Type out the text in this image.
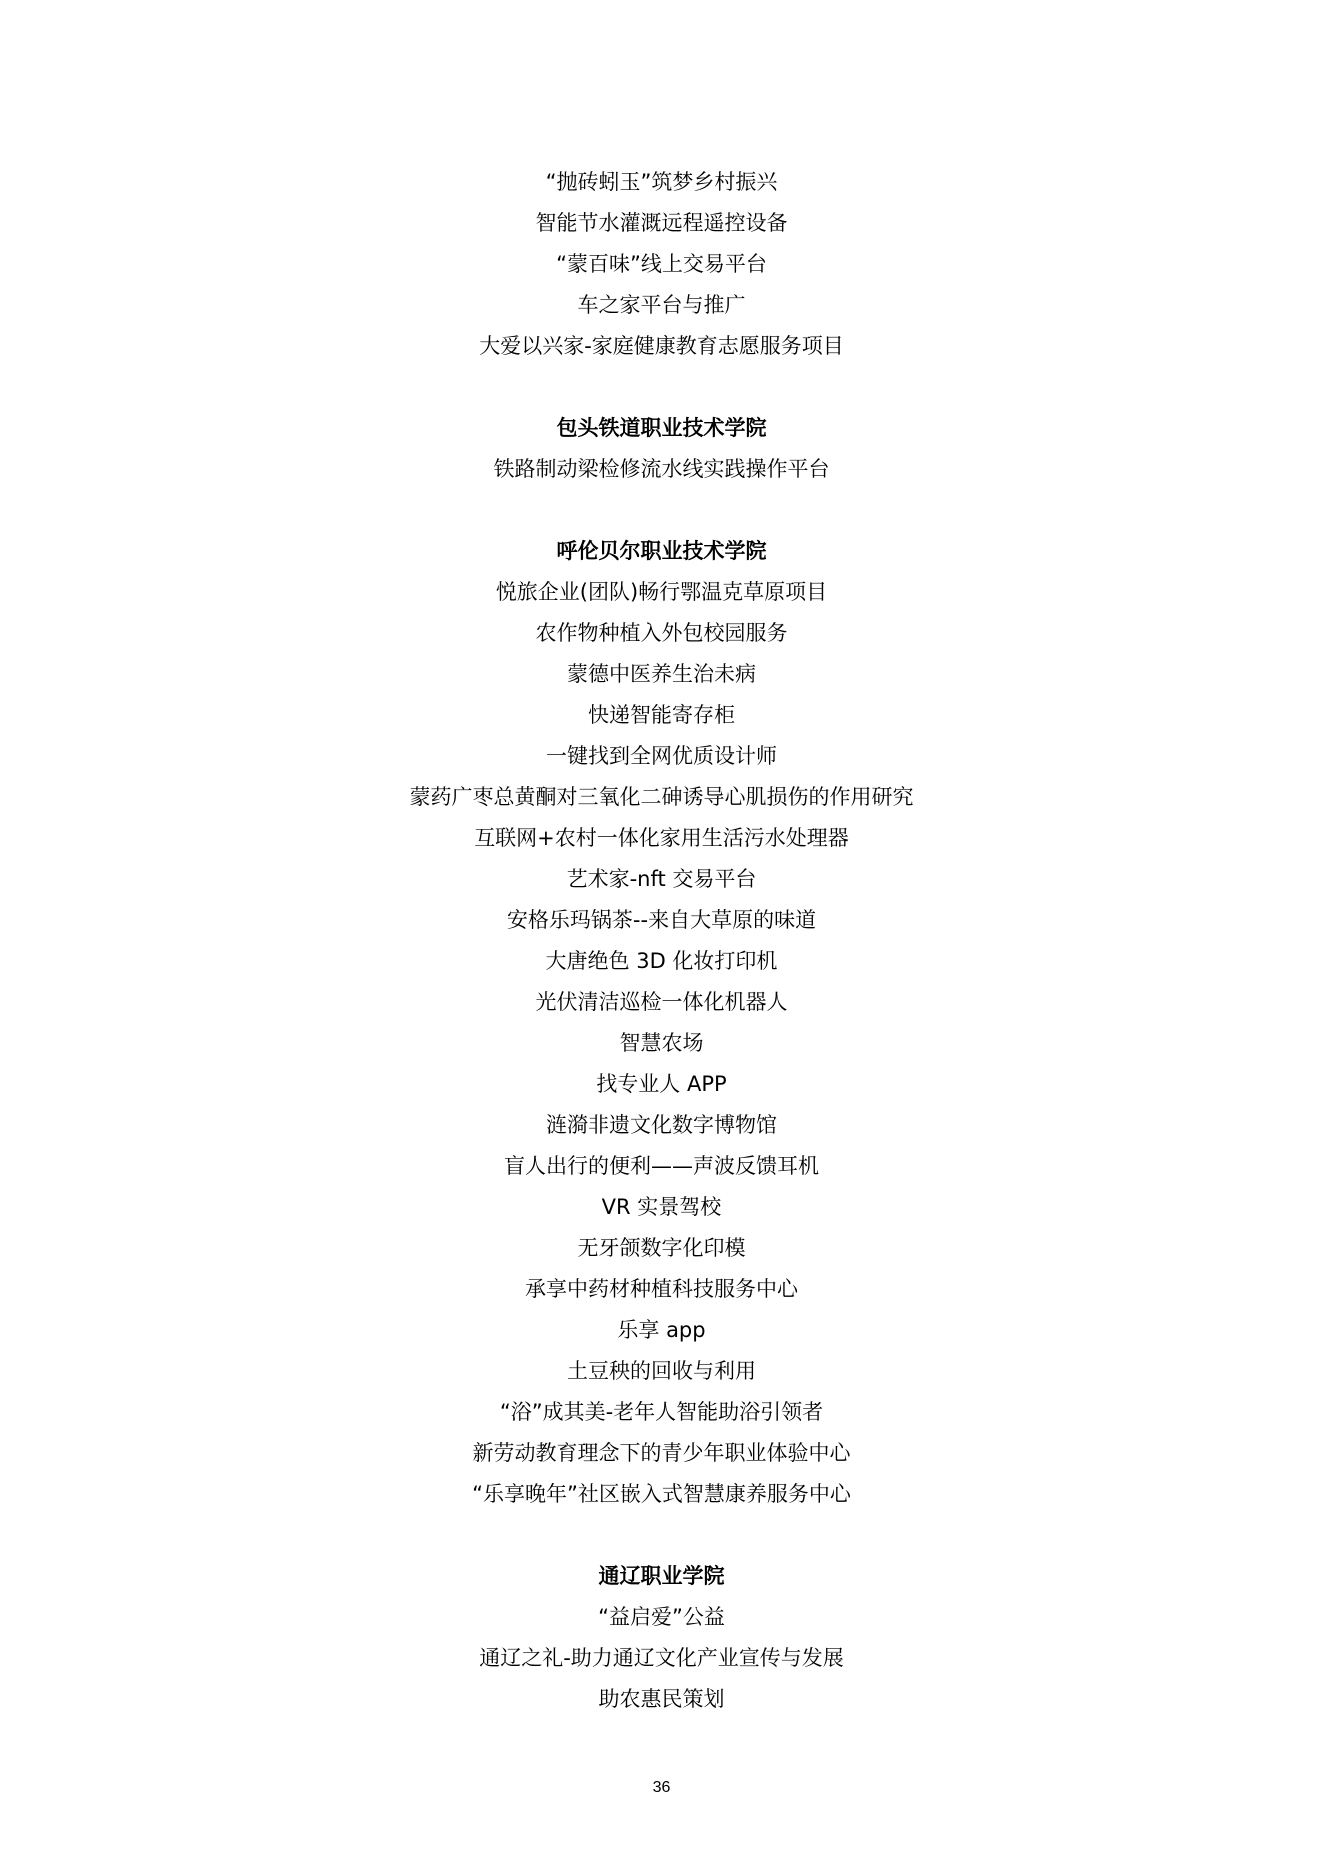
“抛砖蚓玉”筑梦乡村振兴
智能节水灌溉远程遥控设备
“蒙百味”线上交易平台
车之家平台与推广
大爱以兴家-家庭健康教育志愿服务项目
包头铁道职业技术学院
铁路制动梁检修流水线实践操作平台
呼伦贝尔职业技术学院
悦旅企业(团队)畅行鄂温克草原项目
农作物种植入外包校园服务
蒙德中医养生治未病
快递智能寄存柜
一键找到全网优质设计师
蒙药广枣总黄酮对三氧化二砷诱导心肌损伤的作用研究
互联网+农村一体化家用生活污水处理器
艺术家-nft 交易平台
安格乐玛锅茶--来自大草原的味道
大唐绝色 3D 化妆打印机
光伏清洁巡检一体化机器人
智慧农场
找专业人 APP
涟漪非遗文化数字博物馆
盲人出行的便利——声波反馈耳机
VR 实景驾校
无牙颌数字化印模
承享中药材种植科技服务中心
乐享 app
土豆秧的回收与利用
“浴”成其美-老年人智能助浴引领者
新劳动教育理念下的青少年职业体验中心
“乐享晚年”社区嵌入式智慧康养服务中心
通辽职业学院
“益启爱”公益
通辽之礼-助力通辽文化产业宣传与发展
助农惠民策划
36
